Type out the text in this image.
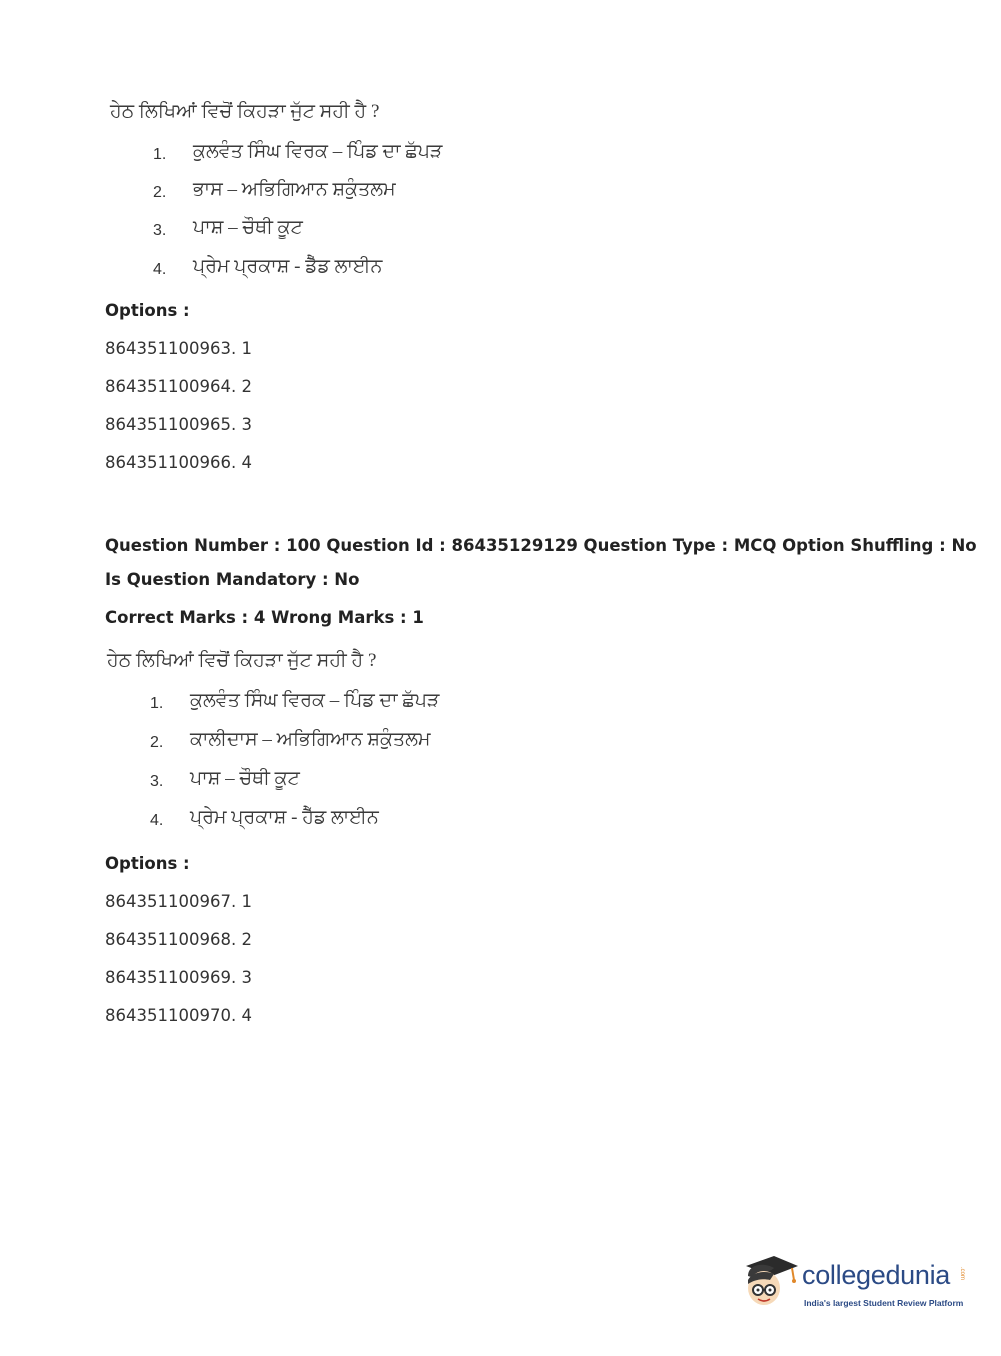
ਹੇਠ ਲਿਖਿਆਂ ਵਿਚੋਂ ਕਿਹੜਾ ਜੁੱਟ ਸਹੀ ਹੈ ?
1. ਕੁਲਵੰਤ ਸਿੰਘ ਵਿਰਕ – ਪਿੰਡ ਦਾ ਛੱਪੜ
2. ਭਾਸ – ਅਭਿਗਿਆਨ ਸ਼ਕੁੰਤਲਮ
3. ਪਾਸ਼ – ਚੌਥੀ ਕੂਟ
4. ਪ੍ਰੇਮ ਪ੍ਰਕਾਸ਼ - ਡੈੱਡ ਲਾਈਨ
Options :
864351100963. 1
864351100964. 2
864351100965. 3
864351100966. 4
Question Number : 100 Question Id : 86435129129 Question Type : MCQ Option Shuffling : No
Is Question Mandatory : No
Correct Marks : 4 Wrong Marks : 1
ਹੇਠ ਲਿਖਿਆਂ ਵਿਚੋਂ ਕਿਹੜਾ ਜੁੱਟ ਸਹੀ ਹੈ ?
1. ਕੁਲਵੰਤ ਸਿੰਘ ਵਿਰਕ – ਪਿੰਡ ਦਾ ਛੱਪੜ
2. ਕਾਲੀਦਾਸ – ਅਭਿਗਿਆਨ ਸ਼ਕੁੰਤਲਮ
3. ਪਾਸ਼ – ਚੌਥੀ ਕੂਟ
4. ਪ੍ਰੇਮ ਪ੍ਰਕਾਸ਼ - ਹੈੱਡ ਲਾਈਨ
Options :
864351100967. 1
864351100968. 2
864351100969. 3
864351100970. 4
collegedunia .com
India's largest Student Review Platform
